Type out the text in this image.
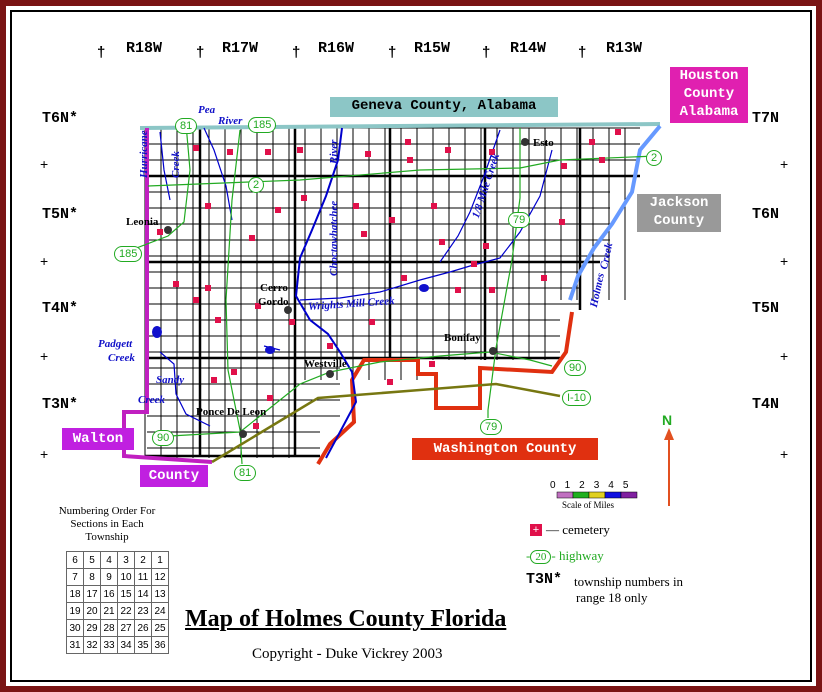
† R18W † R17W † R16W † R15W † R14W † R13W
T6N*
+
T5N*
+
T4N*
+
T3N*
+
T7N
+
T6N
+
T5N
+
T4N
+
Geneva County, Alabama
Houston
County
Alabama
Jackson
County
Walton
County
Washington County
Leonia
Esto
Cerro
Gordo
Bonifay
Westville
Ponce De Leon
Pea
River
Hurricane Creek
Choctawhatchee
River
1/8 Mile Creek
Wrights Mill Creek	Holmes
Creek
Padgett
Creek
Sandy
Creek
81	185
2
2
185
79
90
90
I-10
79
81
N
012345
Scale of Miles
+ — cemetery
- 20 - highway
T3N* township numbers in
range 18 only
Numbering Order For
Sections in Each
Township
6	5	4	3	2	1
7	8	9	10	11	12
18	17	16	15	14	13
19	20	21	22	23	24
30	29	28	27	26	25
31	32	33	34	35	36
Map of Holmes County Florida
Copyright - Duke Vickrey 2003
